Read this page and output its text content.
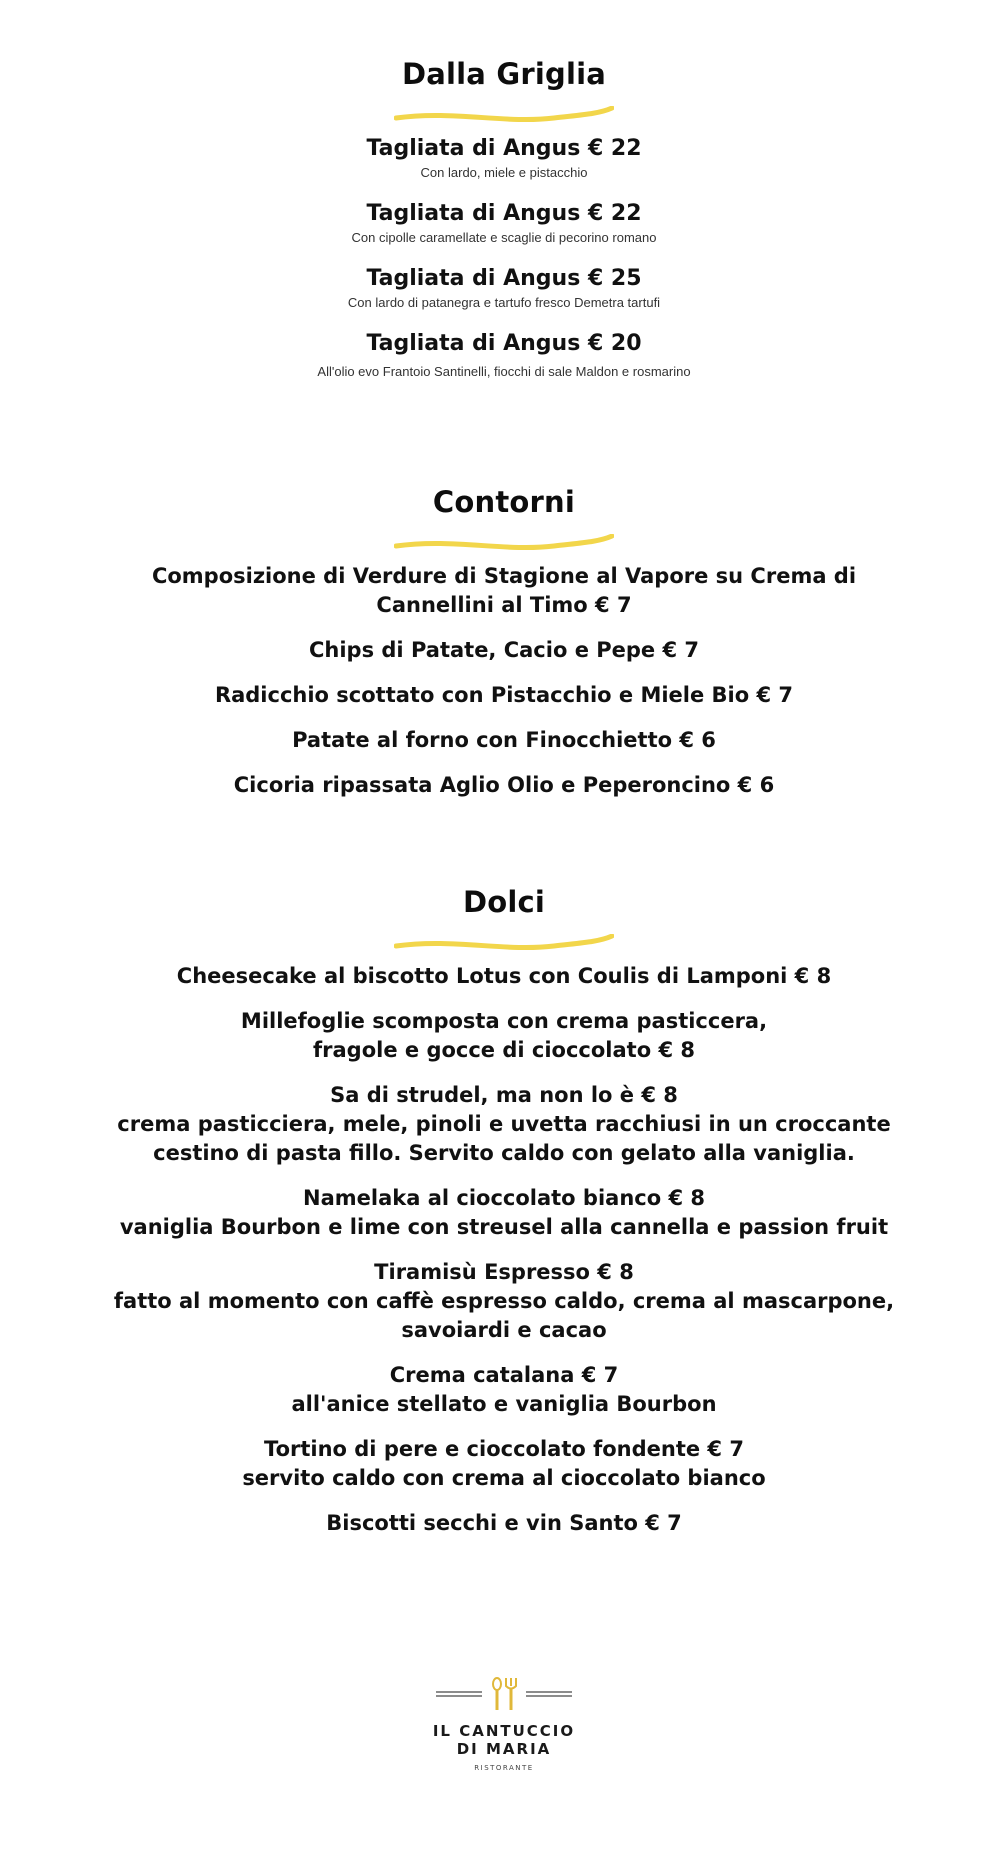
Dalla Griglia

Tagliata di Angus € 22

Con lardo, miele e pistacchio

Tagliata di Angus € 22

Con cipolle caramellate e scaglie di pecorino romano

Tagliata di Angus € 25

Con lardo di patanegra e tartufo fresco Demetra tartufi

Tagliata di Angus € 20

All'olio evo Frantoio Santinelli, fiocchi di sale Maldon e rosmarino

Contorni

Composizione di Verdure di Stagione al Vapore su Crema di

Cannellini al Timo € 7

Chips di Patate, Cacio e Pepe € 7

Radicchio scottato con Pistacchio e Miele Bio € 7

Patate al forno con Finocchietto € 6

Cicoria ripassata Aglio Olio e Peperoncino € 6

Dolci

Cheesecake al biscotto Lotus con Coulis di Lamponi € 8

Millefoglie scomposta con crema pasticcera,

fragole e gocce di cioccolato € 8

Sa di strudel, ma non lo è € 8

crema pasticciera, mele, pinoli e uvetta racchiusi in un croccante

cestino di pasta fillo. Servito caldo con gelato alla vaniglia.

Namelaka al cioccolato bianco € 8

vaniglia Bourbon e lime con streusel alla cannella e passion fruit

Tiramisù Espresso € 8

fatto al momento con caffè espresso caldo, crema al mascarpone,

savoiardi e cacao

Crema catalana € 7

all'anice stellato e vaniglia Bourbon

Tortino di pere e cioccolato fondente € 7

servito caldo con crema al cioccolato bianco

Biscotti secchi e vin Santo € 7

IL CANTUCCIO

DI MARIA

RISTORANTE
